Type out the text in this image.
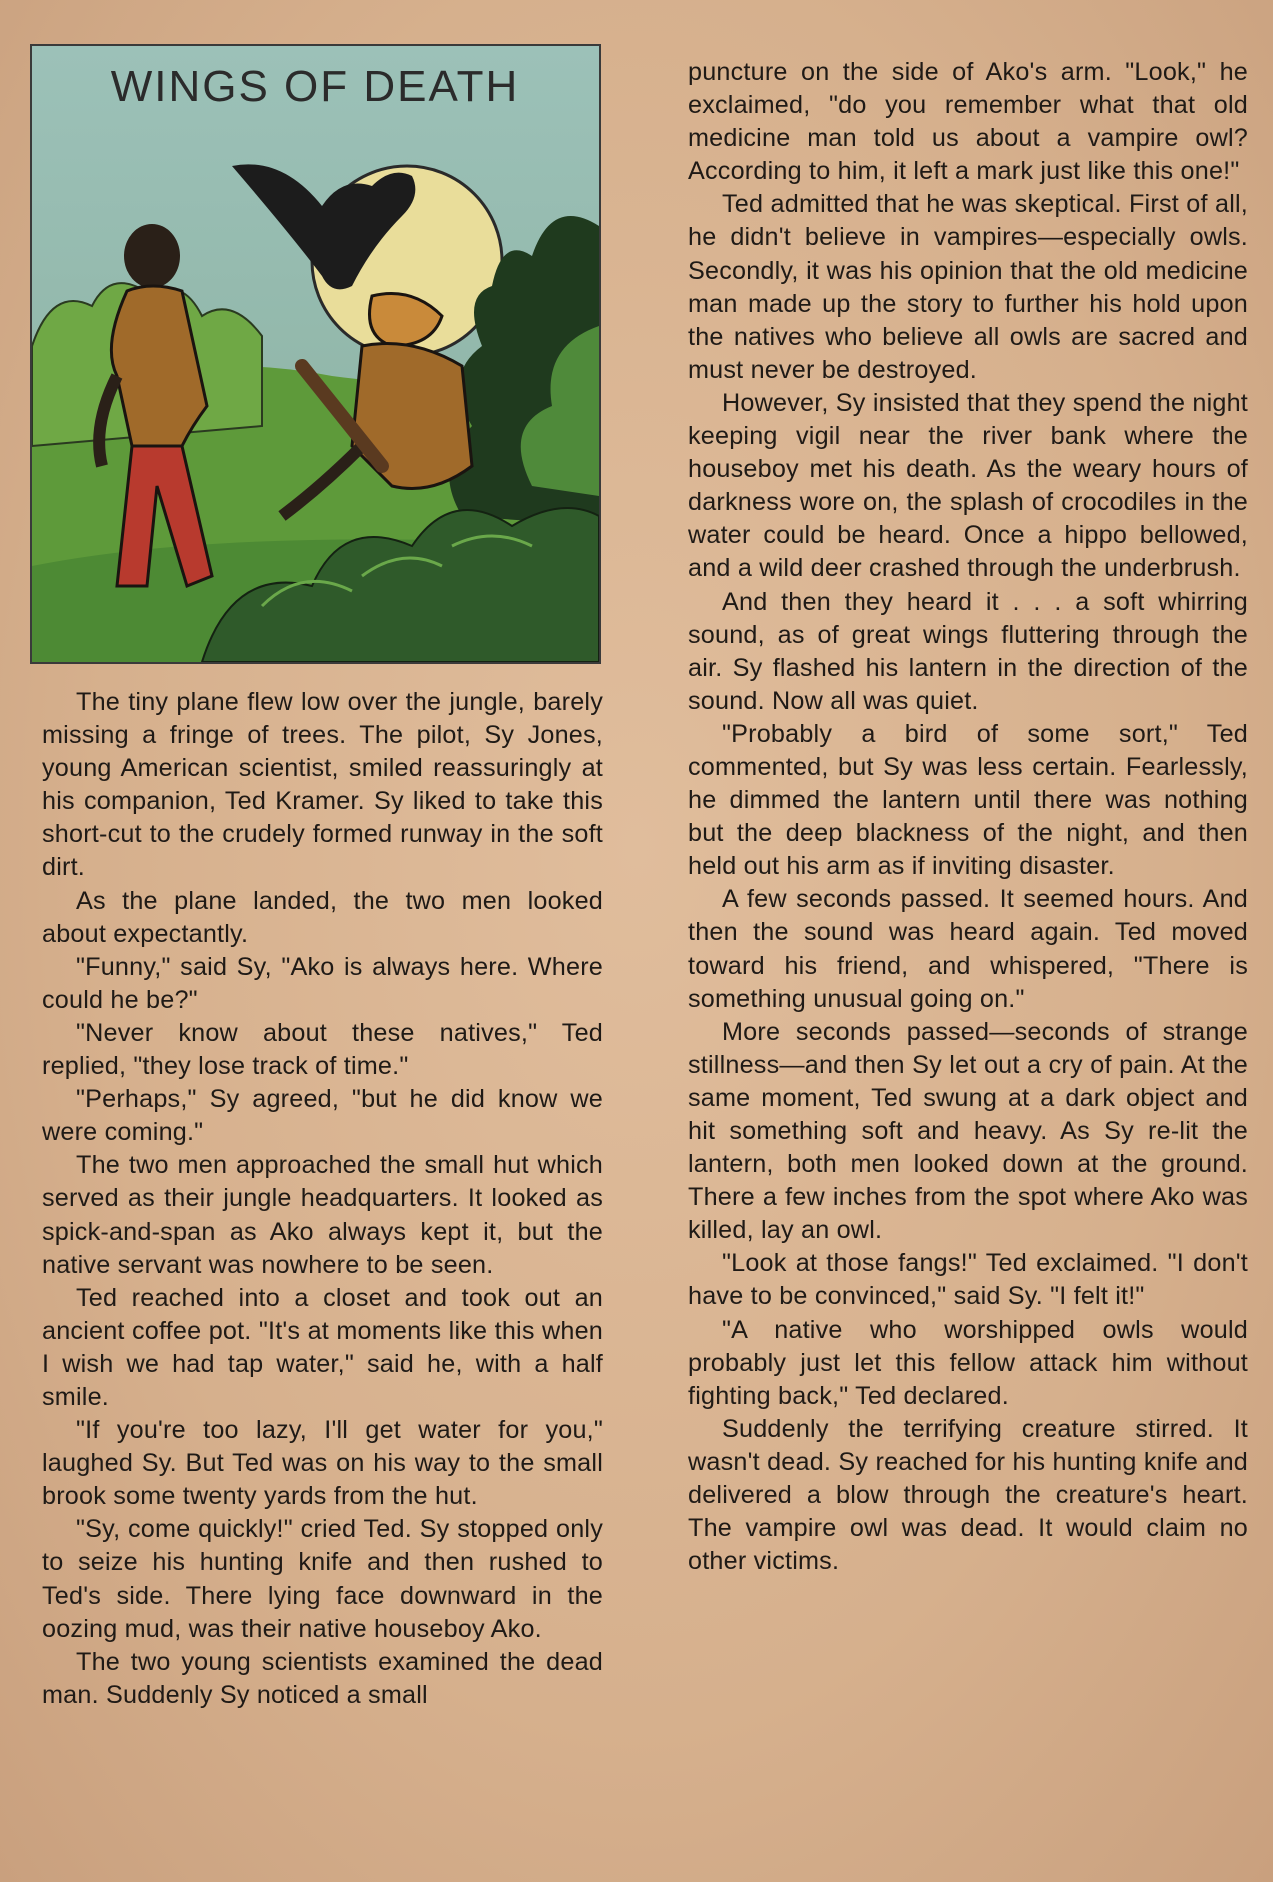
WINGS OF DEATH

The tiny plane flew low over the jungle, barely missing a fringe of trees. The pilot, Sy Jones, young American scientist, smiled reassuringly at his companion, Ted Kramer. Sy liked to take this short-cut to the crudely formed runway in the soft dirt.

As the plane landed, the two men looked about expectantly.

"Funny," said Sy, "Ako is always here. Where could he be?"

"Never know about these natives," Ted replied, "they lose track of time."

"Perhaps," Sy agreed, "but he did know we were coming."

The two men approached the small hut which served as their jungle headquarters. It looked as spick-and-span as Ako always kept it, but the native servant was nowhere to be seen.

Ted reached into a closet and took out an ancient coffee pot. "It's at moments like this when I wish we had tap water," said he, with a half smile.

"If you're too lazy, I'll get water for you," laughed Sy. But Ted was on his way to the small brook some twenty yards from the hut.

"Sy, come quickly!" cried Ted. Sy stopped only to seize his hunting knife and then rushed to Ted's side. There lying face downward in the oozing mud, was their native houseboy Ako.

The two young scientists examined the dead man. Suddenly Sy noticed a small

puncture on the side of Ako's arm. "Look," he exclaimed, "do you remember what that old medicine man told us about a vampire owl? According to him, it left a mark just like this one!"

Ted admitted that he was skeptical. First of all, he didn't believe in vampires—especially owls. Secondly, it was his opinion that the old medicine man made up the story to further his hold upon the natives who believe all owls are sacred and must never be destroyed.

However, Sy insisted that they spend the night keeping vigil near the river bank where the houseboy met his death. As the weary hours of darkness wore on, the splash of crocodiles in the water could be heard. Once a hippo bellowed, and a wild deer crashed through the underbrush.

And then they heard it . . . a soft whirring sound, as of great wings fluttering through the air. Sy flashed his lantern in the direction of the sound. Now all was quiet.

"Probably a bird of some sort," Ted commented, but Sy was less certain. Fearlessly, he dimmed the lantern until there was nothing but the deep blackness of the night, and then held out his arm as if inviting disaster.

A few seconds passed. It seemed hours. And then the sound was heard again. Ted moved toward his friend, and whispered, "There is something unusual going on."

More seconds passed—seconds of strange stillness—and then Sy let out a cry of pain. At the same moment, Ted swung at a dark object and hit something soft and heavy. As Sy re-lit the lantern, both men looked down at the ground. There a few inches from the spot where Ako was killed, lay an owl.

"Look at those fangs!" Ted exclaimed. "I don't have to be convinced," said Sy. "I felt it!"

"A native who worshipped owls would probably just let this fellow attack him without fighting back," Ted declared.

Suddenly the terrifying creature stirred. It wasn't dead. Sy reached for his hunting knife and delivered a blow through the creature's heart. The vampire owl was dead. It would claim no other victims.
